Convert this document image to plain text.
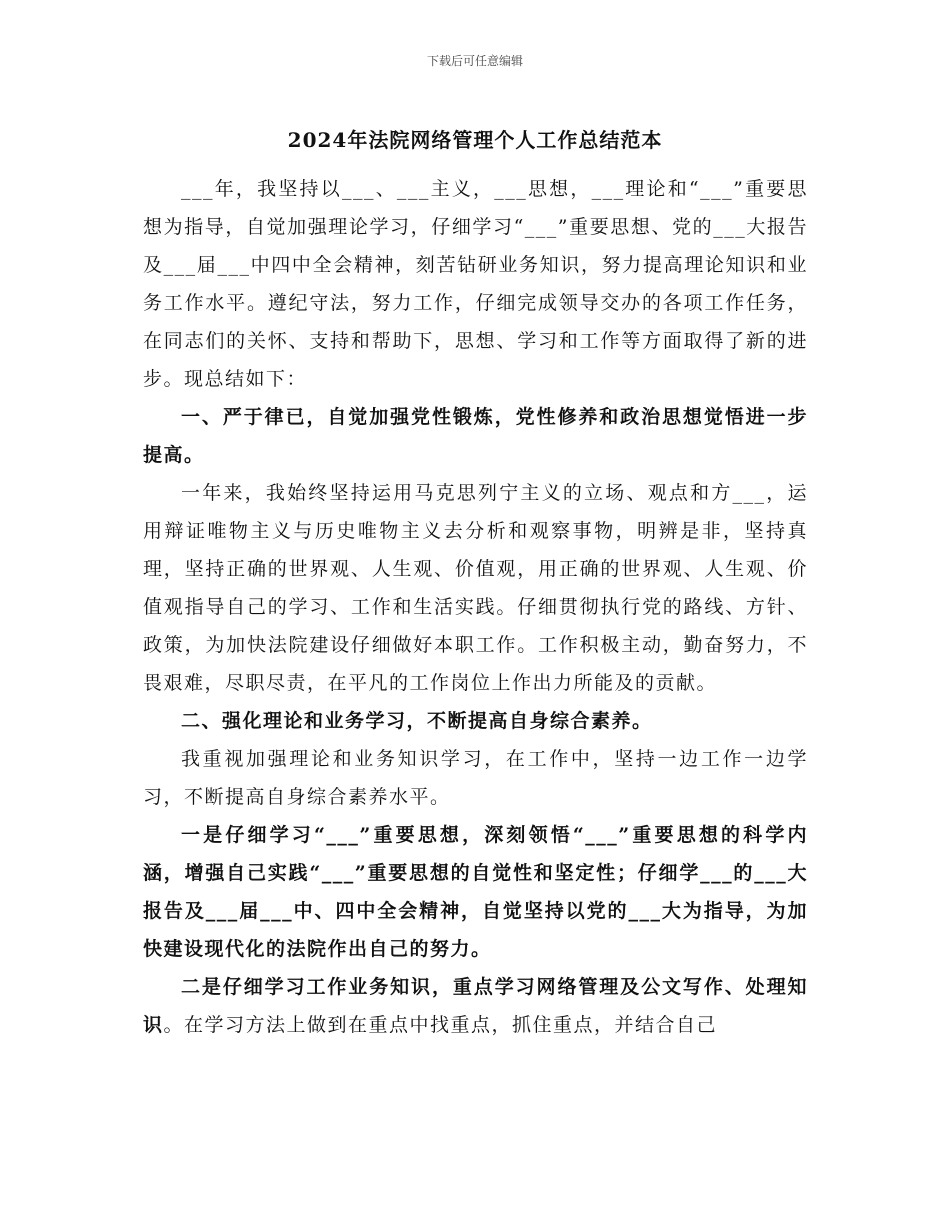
下载后可任意编辑
2024年法院网络管理个人工作总结范本

___年，我坚持以___、___主义，___思想，___理论和“___”重要思想为指导，自觉加强理论学习，仔细学习“___”重要思想、党的___大报告及___届___中四中全会精神，刻苦钻研业务知识，努力提高理论知识和业务工作水平。遵纪守法，努力工作，仔细完成领导交办的各项工作任务，在同志们的关怀、支持和帮助下，思想、学习和工作等方面取得了新的进步。现总结如下：

一、严于律已，自觉加强党性锻炼，党性修养和政治思想觉悟进一步提高。

一年来，我始终坚持运用马克思列宁主义的立场、观点和方___，运用辩证唯物主义与历史唯物主义去分析和观察事物，明辨是非，坚持真理，坚持正确的世界观、人生观、价值观，用正确的世界观、人生观、价值观指导自己的学习、工作和生活实践。仔细贯彻执行党的路线、方针、政策，为加快法院建设仔细做好本职工作。工作积极主动，勤奋努力，不畏艰难，尽职尽责，在平凡的工作岗位上作出力所能及的贡献。

二、强化理论和业务学习，不断提高自身综合素养。

我重视加强理论和业务知识学习，在工作中，坚持一边工作一边学习，不断提高自身综合素养水平。

一是仔细学习“___”重要思想，深刻领悟“___”重要思想的科学内涵，增强自己实践“___”重要思想的自觉性和坚定性；仔细学___的___大报告及___届___中、四中全会精神，自觉坚持以党的___大为指导，为加快建设现代化的法院作出自己的努力。

二是仔细学习工作业务知识，重点学习网络管理及公文写作、处理知识。在学习方法上做到在重点中找重点，抓住重点，并结合自己
